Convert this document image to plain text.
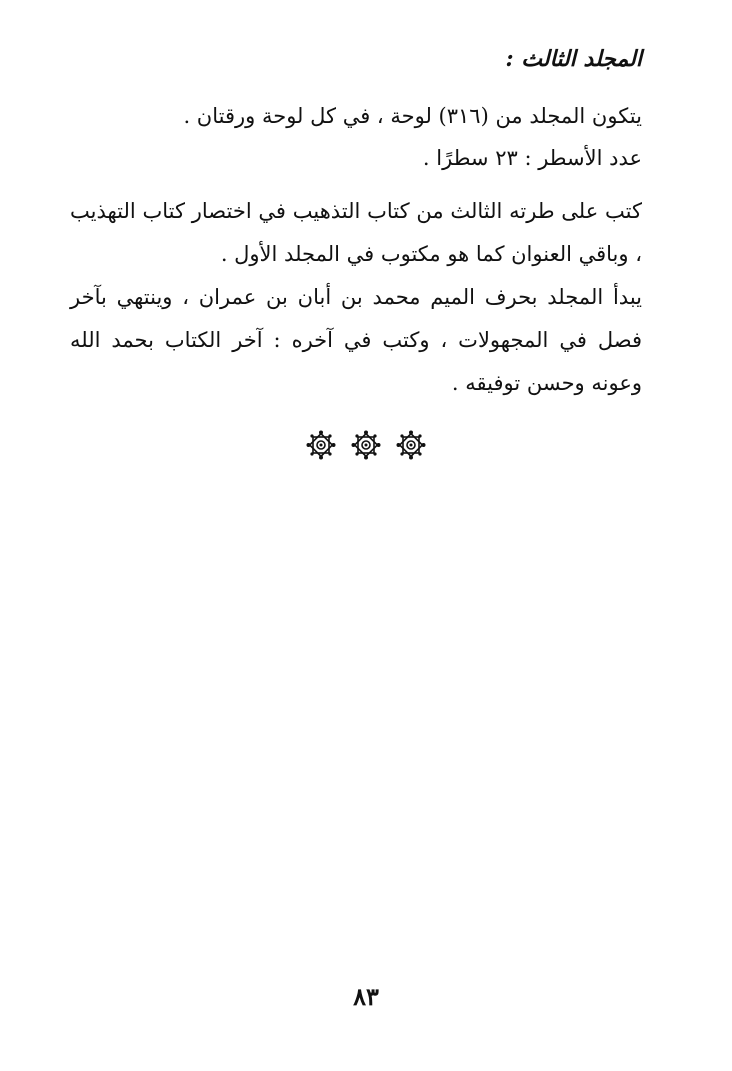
المجلد الثالث :
يتكون المجلد من (٣١٦) لوحة ، في كل لوحة ورقتان .
عدد الأسطر : ٢٣ سطرًا .
كتب على طرته الثالث من كتاب التذهيب في اختصار كتاب التهذيب ، وباقي العنوان كما هو مكتوب في المجلد الأول .
يبدأ المجلد بحرف الميم محمد بن أبان بن عمران ، وينتهي بآخر فصل في المجهولات ، وكتب في آخره : آخر الكتاب بحمد الله وعونه وحسن توفيقه .
٨٣
